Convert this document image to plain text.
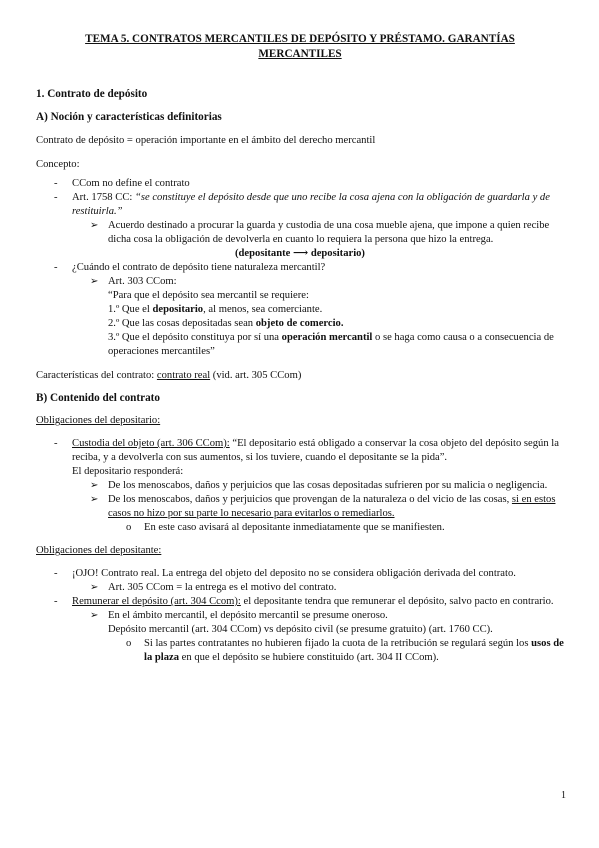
TEMA 5. CONTRATOS MERCANTILES DE DEPÓSITO Y PRÉSTAMO. GARANTÍAS
MERCANTILES

1. Contrato de depósito

A) Noción y características definitorias

Contrato de depósito = operación importante en el ámbito del derecho mercantil

Concepto:

- CCom no define el contrato
- Art. 1758 CC: “se constituye el depósito desde que uno recibe la cosa ajena con la obligación de guardarla y de restituirla.”
➢ Acuerdo destinado a procurar la guarda y custodia de una cosa mueble ajena, que impone a quien recibe dicha cosa la obligación de devolverla en cuanto lo requiera la persona que hizo la entrega.

(depositante ⟶ depositario)

- ¿Cuándo el contrato de depósito tiene naturaleza mercantil?
➢ Art. 303 CCom:

“Para que el depósito sea mercantil se requiere:

1.º Que el depositario, al menos, sea comerciante.

2.º Que las cosas depositadas sean objeto de comercio.

3.º Que el depósito constituya por sí una operación mercantil o se haga como causa o a consecuencia de operaciones mercantiles”

Características del contrato: contrato real (vid. art. 305 CCom)

B) Contenido del contrato

Obligaciones del depositario:

- Custodia del objeto (art. 306 CCom): “El depositario está obligado a conservar la cosa objeto del depósito según la reciba, y a devolverla con sus aumentos, si los tuviere, cuando el depositante se la pida”.

El depositario responderá:

➢ De los menoscabos, daños y perjuicios que las cosas depositadas sufrieren por su malicia o negligencia.
➢ De los menoscabos, daños y perjuicios que provengan de la naturaleza o del vicio de las cosas, si en estos casos no hizo por su parte lo necesario para evitarlos o remediarlos.
o En este caso avisará al depositante inmediatamente que se manifiesten.

Obligaciones del depositante:

- ¡OJO! Contrato real. La entrega del objeto del deposito no se considera obligación derivada del contrato.
➢ Art. 305 CCom = la entrega es el motivo del contrato.
- Remunerar el depósito (art. 304 Ccom): el depositante tendra que remunerar el depósito, salvo pacto en contrario.
➢ En el ámbito mercantil, el depósito mercantil se presume oneroso.
Depósito mercantil (art. 304 CCom) vs depósito civil (se presume gratuito) (art. 1760 CC).
o Si las partes contratantes no hubieren fijado la cuota de la retribución se regulará según los usos de la plaza en que el depósito se hubiere constituido (art. 304 II CCom).
1
